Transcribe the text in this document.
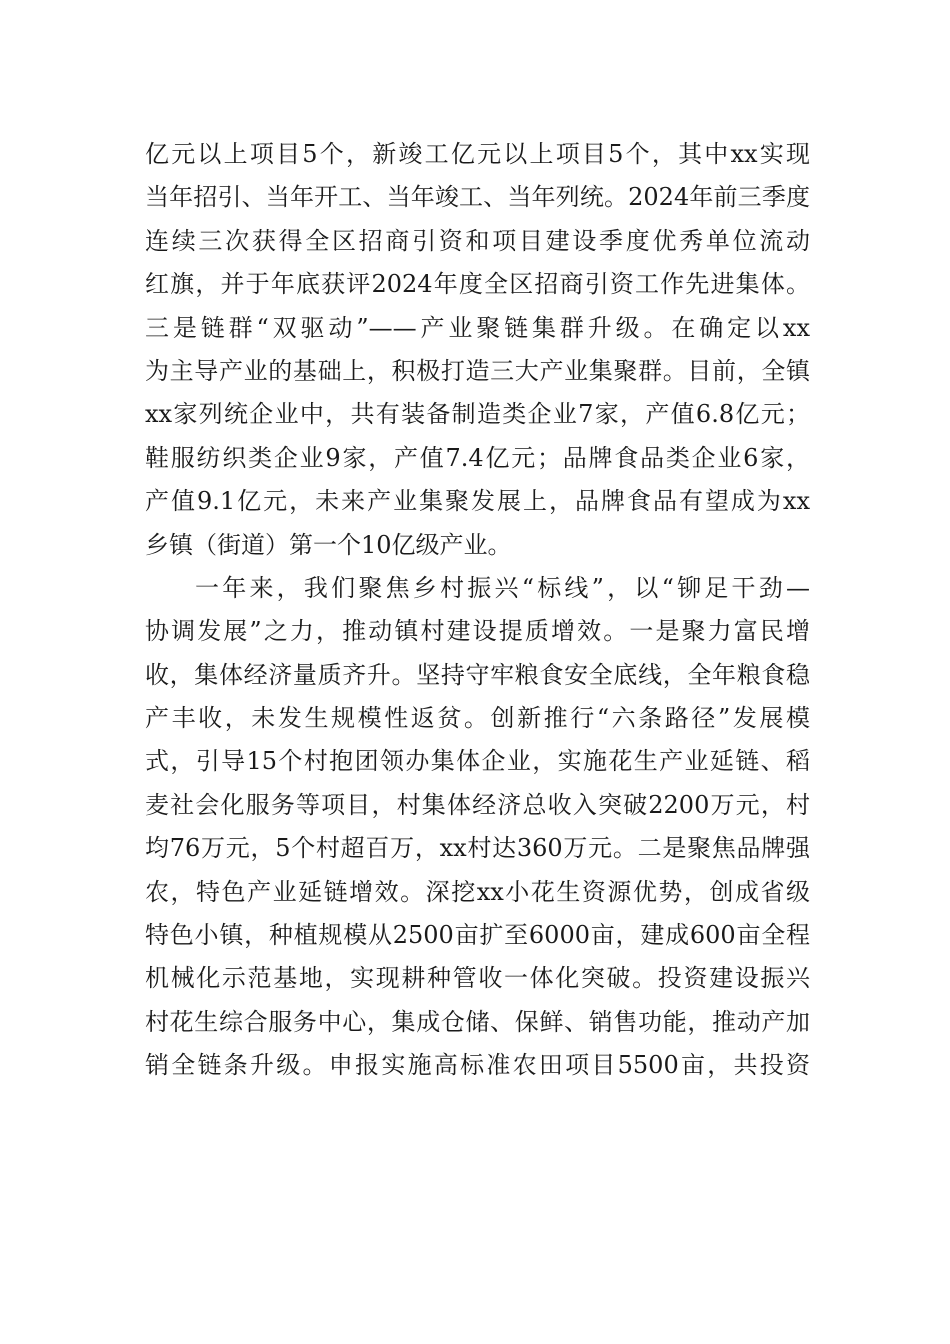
亿元以上项目5个，新竣工亿元以上项目5个，其中xx实现
当年招引、当年开工、当年竣工、当年列统。2024年前三季度
连续三次获得全区招商引资和项目建设季度优秀单位流动
红旗，并于年底获评2024年度全区招商引资工作先进集体。
三是链群“双驱动”——产业聚链集群升级。在确定以xx
为主导产业的基础上，积极打造三大产业集聚群。目前，全镇
xx家列统企业中，共有装备制造类企业7家，产值6.8亿元；
鞋服纺织类企业9家，产值7.4亿元；品牌食品类企业6家，
产值9.1亿元，未来产业集聚发展上，品牌食品有望成为xx
乡镇（街道）第一个10亿级产业。
一年来，我们聚焦乡村振兴“标线”，以“铆足干劲—
协调发展”之力，推动镇村建设提质增效。一是聚力富民增
收，集体经济量质齐升。坚持守牢粮食安全底线，全年粮食稳
产丰收，未发生规模性返贫。创新推行“六条路径”发展模
式，引导15个村抱团领办集体企业，实施花生产业延链、稻
麦社会化服务等项目，村集体经济总收入突破2200万元，村
均76万元，5个村超百万，xx村达360万元。二是聚焦品牌强
农，特色产业延链增效。深挖xx小花生资源优势，创成省级
特色小镇，种植规模从2500亩扩至6000亩，建成600亩全程
机械化示范基地，实现耕种管收一体化突破。投资建设振兴
村花生综合服务中心，集成仓储、保鲜、销售功能，推动产加
销全链条升级。申报实施高标准农田项目5500亩，共投资
